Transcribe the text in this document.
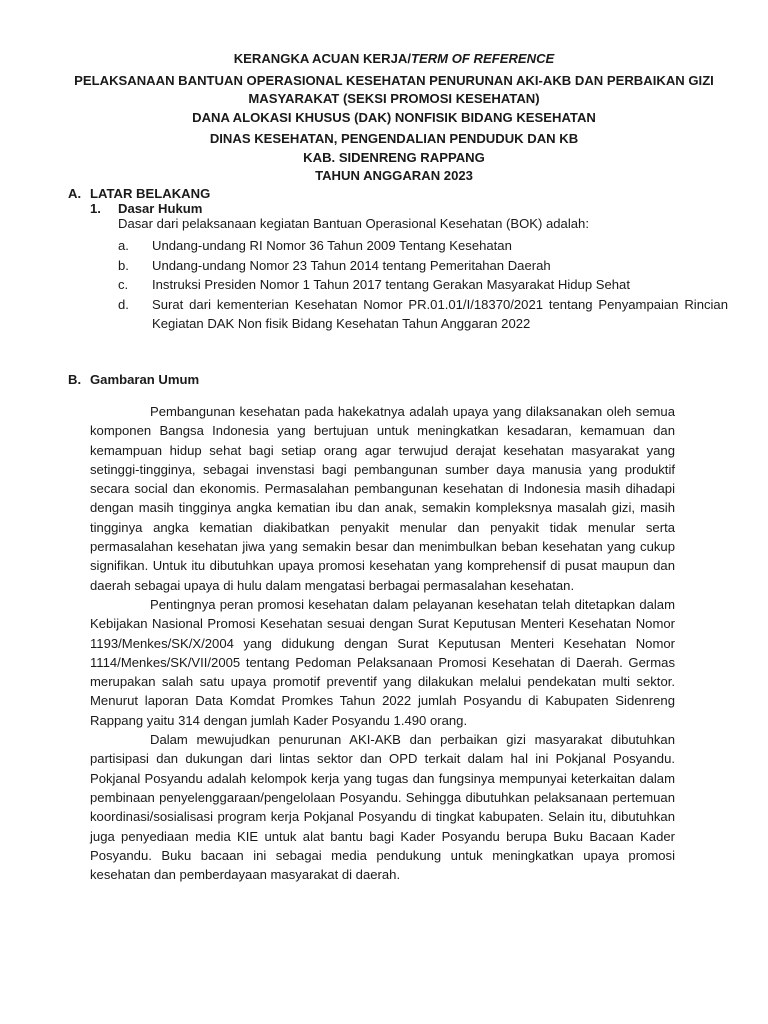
KERANGKA ACUAN KERJA/TERM OF REFERENCE
PELAKSANAAN BANTUAN OPERASIONAL KESEHATAN PENURUNAN AKI-AKB DAN PERBAIKAN GIZI MASYARAKAT (SEKSI PROMOSI KESEHATAN)
DANA ALOKASI KHUSUS (DAK) NONFISIK BIDANG KESEHATAN
DINAS KESEHATAN, PENGENDALIAN PENDUDUK DAN KB
KAB. SIDENRENG RAPPANG
TAHUN ANGGARAN 2023
A. LATAR BELAKANG
1.	Dasar Hukum
Dasar dari pelaksanaan kegiatan Bantuan Operasional Kesehatan (BOK) adalah:
a.	Undang-undang RI Nomor 36 Tahun 2009 Tentang Kesehatan
b.	Undang-undang Nomor 23 Tahun 2014 tentang Pemeritahan Daerah
c.	Instruksi Presiden Nomor 1 Tahun 2017 tentang Gerakan Masyarakat Hidup Sehat
d.	Surat dari kementerian Kesehatan Nomor PR.01.01/I/18370/2021 tentang Penyampaian Rincian Kegiatan DAK Non fisik Bidang Kesehatan Tahun Anggaran 2022
B. Gambaran Umum

Pembangunan kesehatan pada hakekatnya adalah upaya yang dilaksanakan oleh semua komponen Bangsa Indonesia yang bertujuan untuk meningkatkan kesadaran, kemamuan dan kemampuan hidup sehat bagi setiap orang agar terwujud derajat kesehatan masyarakat yang setinggi-tingginya, sebagai invenstasi bagi pembangunan sumber daya manusia yang produktif secara social dan ekonomis. Permasalahan pembangunan kesehatan di Indonesia masih dihadapi dengan masih tingginya angka kematian ibu dan anak, semakin kompleksnya masalah gizi, masih tingginya angka kematian diakibatkan penyakit menular dan penyakit tidak menular serta permasalahan kesehatan jiwa yang semakin besar dan menimbulkan beban kesehatan yang cukup signifikan. Untuk itu dibutuhkan upaya promosi kesehatan yang komprehensif di pusat maupun dan daerah sebagai upaya di hulu dalam mengatasi berbagai permasalahan kesehatan.

Pentingnya peran promosi kesehatan dalam pelayanan kesehatan telah ditetapkan dalam Kebijakan Nasional Promosi Kesehatan sesuai dengan Surat Keputusan Menteri Kesehatan Nomor 1193/Menkes/SK/X/2004 yang didukung dengan Surat Keputusan Menteri Kesehatan Nomor 1114/Menkes/SK/VII/2005 tentang Pedoman Pelaksanaan Promosi Kesehatan di Daerah. Germas merupakan salah satu upaya promotif preventif yang dilakukan melalui pendekatan multi sektor. Menurut laporan Data Komdat Promkes Tahun 2022 jumlah Posyandu di Kabupaten Sidenreng Rappang yaitu 314 dengan jumlah Kader Posyandu 1.490 orang.

Dalam mewujudkan penurunan AKI-AKB dan perbaikan gizi masyarakat dibutuhkan partisipasi dan dukungan dari lintas sektor dan OPD terkait dalam hal ini Pokjanal Posyandu. Pokjanal Posyandu adalah kelompok kerja yang tugas dan fungsinya mempunyai keterkaitan dalam pembinaan penyelenggaraan/pengelolaan Posyandu. Sehingga dibutuhkan pelaksanaan pertemuan koordinasi/sosialisasi program kerja Pokjanal Posyandu di tingkat kabupaten. Selain itu, dibutuhkan juga penyediaan media KIE untuk alat bantu bagi Kader Posyandu berupa Buku Bacaan Kader Posyandu. Buku bacaan ini sebagai media pendukung untuk meningkatkan upaya promosi kesehatan dan pemberdayaan masyarakat di daerah.
